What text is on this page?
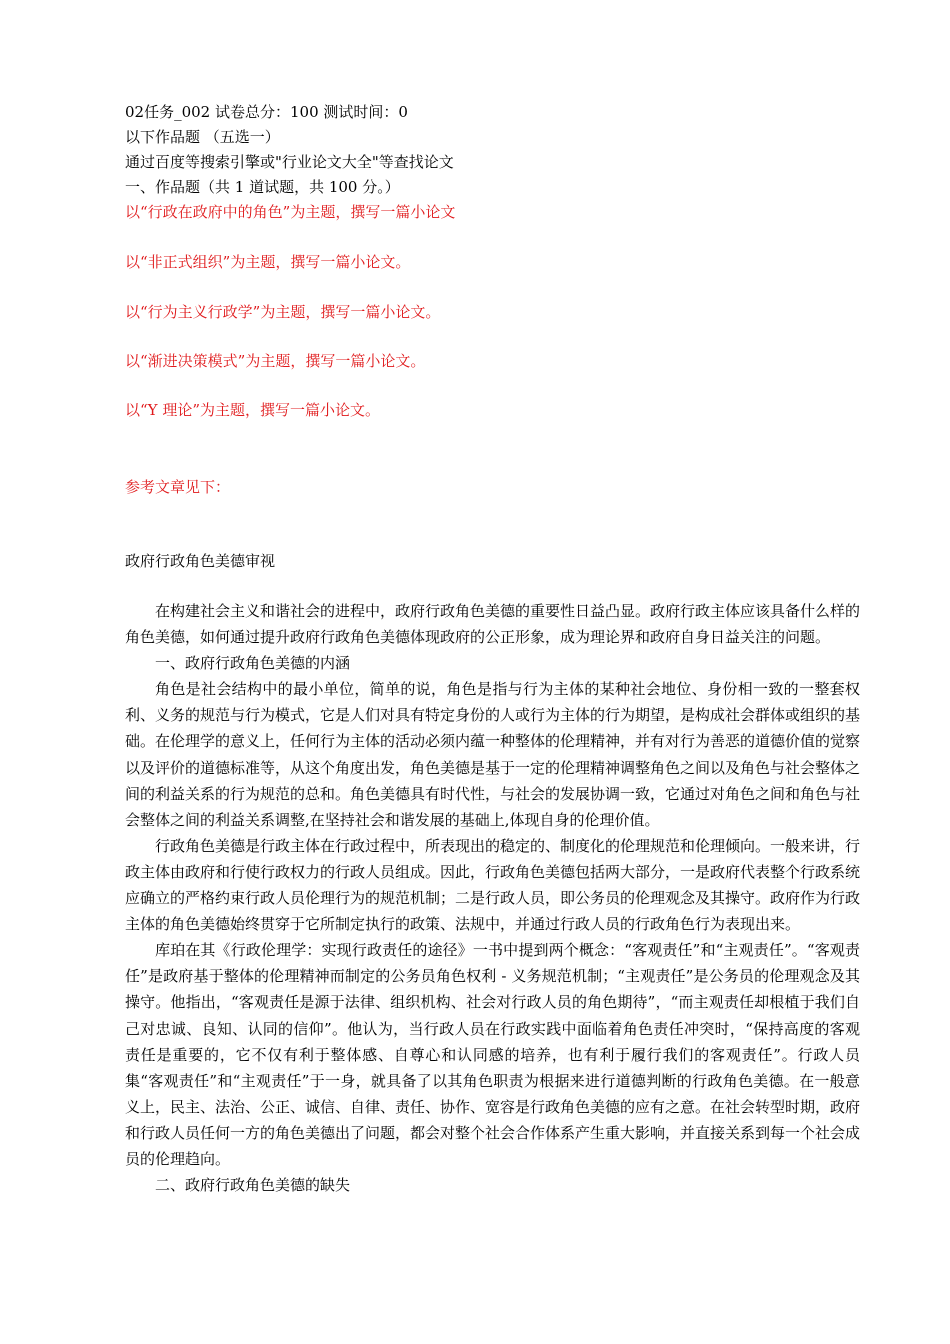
02任务_002 试卷总分：100 测试时间：0
以下作品题 （五选一）
通过百度等搜索引擎或"行业论文大全"等查找论文
一、作品题（共 1 道试题，共 100 分。）
以“行政在政府中的角色”为主题，撰写一篇小论文
以“非正式组织”为主题，撰写一篇小论文。
以“行为主义行政学”为主题，撰写一篇小论文。
以“渐进决策模式”为主题，撰写一篇小论文。
以“Y 理论”为主题，撰写一篇小论文。
参考文章见下：
政府行政角色美德审视

在构建社会主义和谐社会的进程中，政府行政角色美德的重要性日益凸显。政府行政主体应该具备什么样的角色美德，如何通过提升政府行政角色美德体现政府的公正形象，成为理论界和政府自身日益关注的问题。

一、政府行政角色美德的内涵

角色是社会结构中的最小单位，简单的说，角色是指与行为主体的某种社会地位、身份相一致的一整套权利、义务的规范与行为模式，它是人们对具有特定身份的人或行为主体的行为期望，是构成社会群体或组织的基础。在伦理学的意义上，任何行为主体的活动必须内蕴一种整体的伦理精神，并有对行为善恶的道德价值的觉察以及评价的道德标准等，从这个角度出发，角色美德是基于一定的伦理精神调整角色之间以及角色与社会整体之间的利益关系的行为规范的总和。角色美德具有时代性，与社会的发展协调一致，它通过对角色之间和角色与社会整体之间的利益关系调整,在坚持社会和谐发展的基础上,体现自身的伦理价值。

行政角色美德是行政主体在行政过程中，所表现出的稳定的、制度化的伦理规范和伦理倾向。一般来讲，行政主体由政府和行使行政权力的行政人员组成。因此，行政角色美德包括两大部分，一是政府代表整个行政系统应确立的严格约束行政人员伦理行为的规范机制；二是行政人员，即公务员的伦理观念及其操守。政府作为行政主体的角色美德始终贯穿于它所制定执行的政策、法规中，并通过行政人员的行政角色行为表现出来。

库珀在其《行政伦理学：实现行政责任的途径》一书中提到两个概念：“客观责任”和“主观责任”。“客观责任”是政府基于整体的伦理精神而制定的公务员角色权利 - 义务规范机制；“主观责任”是公务员的伦理观念及其操守。他指出，“客观责任是源于法律、组织机构、社会对行政人员的角色期待”，“而主观责任却根植于我们自己对忠诚、良知、认同的信仰”。他认为，当行政人员在行政实践中面临着角色责任冲突时，“保持高度的客观责任是重要的，它不仅有利于整体感、自尊心和认同感的培养，也有利于履行我们的客观责任”。行政人员集“客观责任”和“主观责任”于一身，就具备了以其角色职责为根据来进行道德判断的行政角色美德。在一般意义上，民主、法治、公正、诚信、自律、责任、协作、宽容是行政角色美德的应有之意。在社会转型时期，政府和行政人员任何一方的角色美德出了问题，都会对整个社会合作体系产生重大影响，并直接关系到每一个社会成员的伦理趋向。

二、政府行政角色美德的缺失
